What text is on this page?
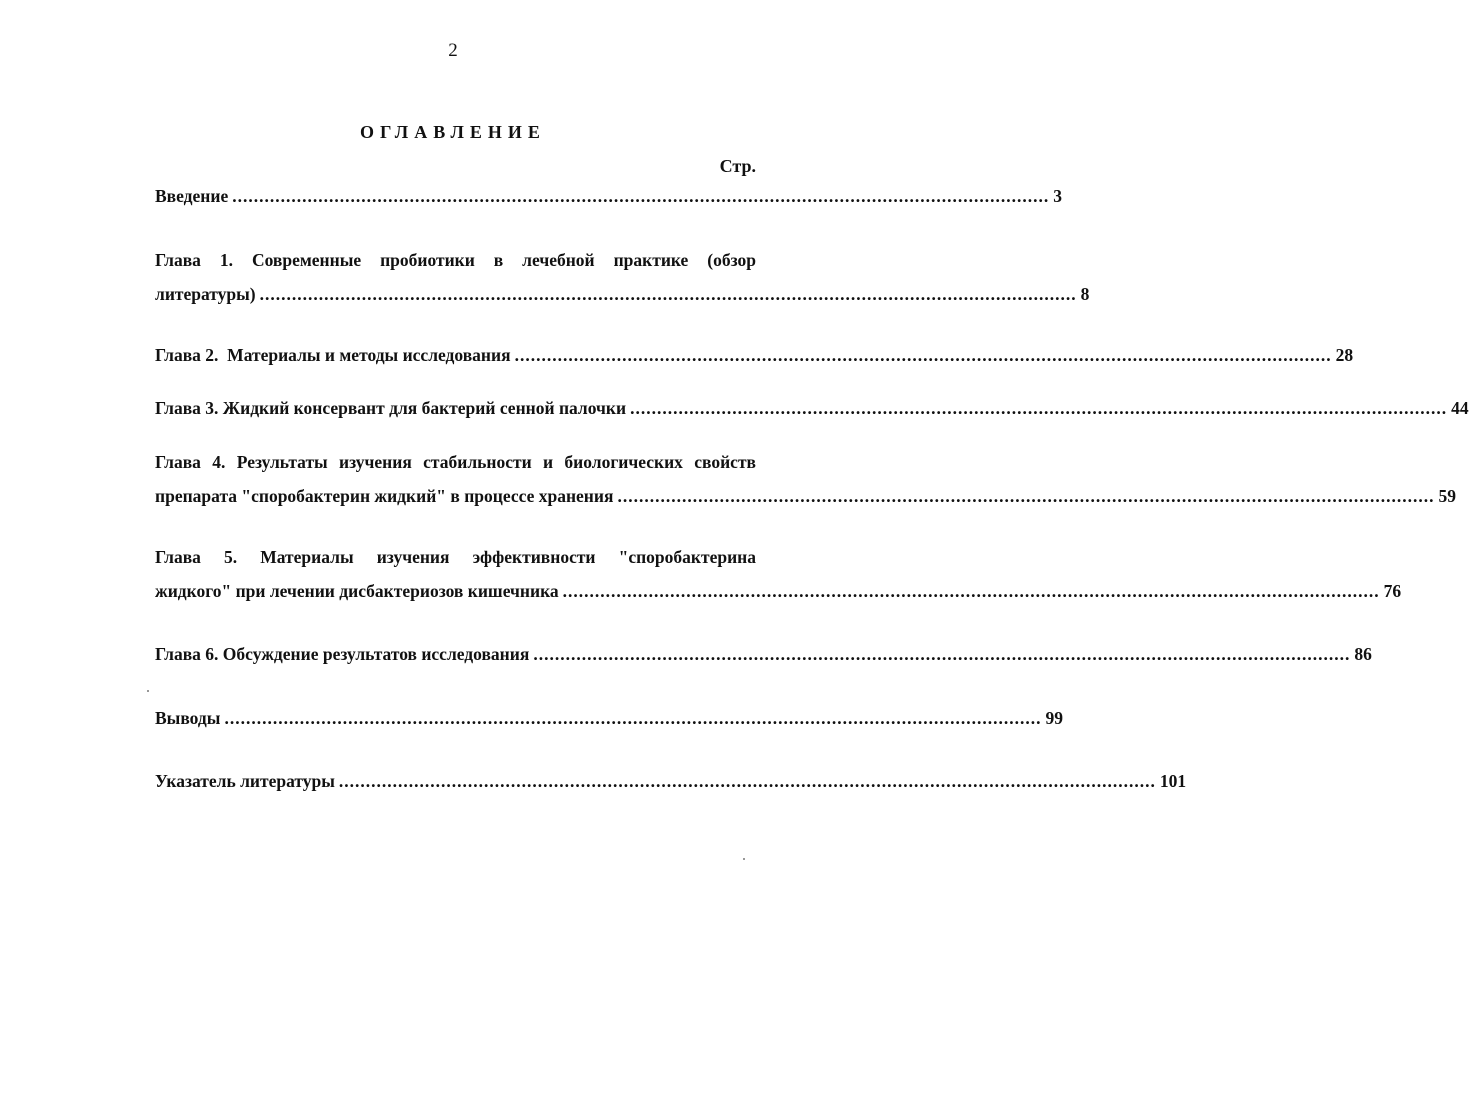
2
ОГЛАВЛЕНИЕ
Стр.
Введение ........................................................................................................................................................ 3
Глава 1. Современные пробиотики в лечебной практике (обзор
литературы) ........................................................................................................................................................ 8
Глава 2.  Материалы и методы исследования ........................................................................................................................................................ 28
Глава 3. Жидкий консервант для бактерий сенной палочки ........................................................................................................................................................ 44
Глава 4. Результаты изучения стабильности и биологических свойств
препарата "споробактерин жидкий" в процессе хранения ........................................................................................................................................................ 59
Глава 5. Материалы изучения эффективности "споробактерина
жидкого" при лечении дисбактериозов кишечника ........................................................................................................................................................ 76
Глава 6. Обсуждение результатов исследования ........................................................................................................................................................ 86
Выводы ........................................................................................................................................................ 99
Указатель литературы ........................................................................................................................................................ 101
